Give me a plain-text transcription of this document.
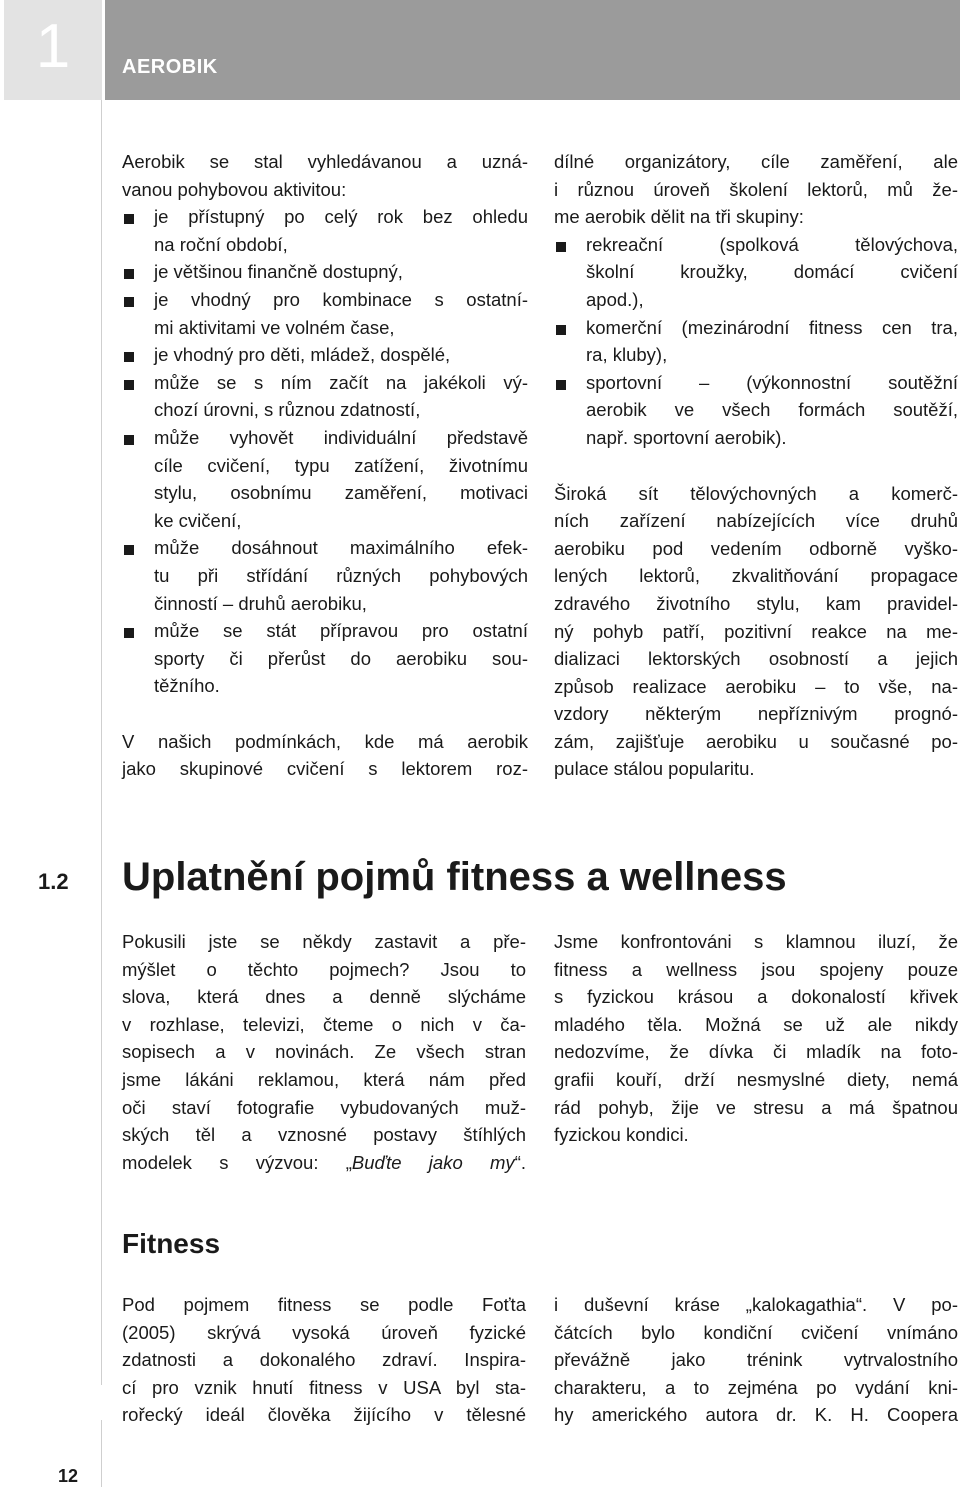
1	AEROBIK

Aerobik se stal vyhledávanou a uzná-

vanou pohybovou aktivitou:

je přístupný po celý rok bez ohledu

na roční období,

je většinou finančně dostupný,

je vhodný pro kombinace s ostatní-

mi aktivitami ve volném čase,

je vhodný pro děti, mládež, dospělé,

může se s ním začít na jakékoli vý-

chozí úrovni, s různou zdatností,

může vyhovět individuální představě

cíle cvičení, typu zatížení, životnímu

stylu, osobnímu zaměření, motivaci

ke cvičení,

může dosáhnout maximálního efek-

tu při střídání různých pohybových

činností – druhů aerobiku,

může se stát přípravou pro ostatní

sporty či přerůst do aerobiku sou-

těžního.

V našich podmínkách, kde má aerobik

jako skupinové cvičení s lektorem roz-

dílné organizátory, cíle zaměření, ale

i různou úroveň školení lektorů, mů že-

me aerobik dělit na tři skupiny:

rekreační (spolková tělovýchova,

školní kroužky, domácí cvičení

apod.),

komerční (mezinárodní fitness cen tra,

ra, kluby),

sportovní – (výkonnostní soutěžní

aerobik ve všech formách soutěží,

např. sportovní aerobik).

Široká sít tělovýchovných a komerč-

ních zařízení nabízejících více druhů

aerobiku pod vedením odborně vyško-

lených lektorů, zkvalitňování propagace

zdravého životního stylu, kam pravidel-

ný pohyb patří, pozitivní reakce na me-

dializaci lektorských osobností a jejich

způsob realizace aerobiku – to vše, na-

vzdory některým nepříznivým prognó-

zám, zajišťuje aerobiku u současné po-

pulace stálou popularitu.

1.2 Uplatnění pojmů fitness a wellness

Pokusili jste se někdy zastavit a pře-

mýšlet o těchto pojmech? Jsou to

slova, která dnes a denně slýcháme

v rozhlase, televizi, čteme o nich v ča-

sopisech a v novinách. Ze všech stran

jsme lákáni reklamou, která nám před

oči staví fotografie vybudovaných muž-

ských těl a vznosné postavy štíhlých

modelek s výzvou: „Buďte jako my“.

Jsme konfrontováni s klamnou iluzí, že

fitness a wellness jsou spojeny pouze

s fyzickou krásou a dokonalostí křivek

mladého těla. Možná se už ale nikdy

nedozvíme, že dívka či mladík na foto-

grafii kouří, drží nesmyslné diety, nemá

rád pohyb, žije ve stresu a má špatnou

fyzickou kondici.

Fitness

Pod pojmem fitness se podle Foťta

(2005) skrývá vysoká úroveň fyzické

zdatnosti a dokonalého zdraví. Inspira-

cí pro vznik hnutí fitness v USA byl sta-

rořecký ideál člověka žijícího v tělesné

i duševní kráse „kalokagathia“. V po-

čátcích bylo kondiční cvičení vnímáno

převážně jako trénink vytrvalostního

charakteru, a to zejména po vydání kni-

hy amerického autora dr. K. H. Coopera

12
